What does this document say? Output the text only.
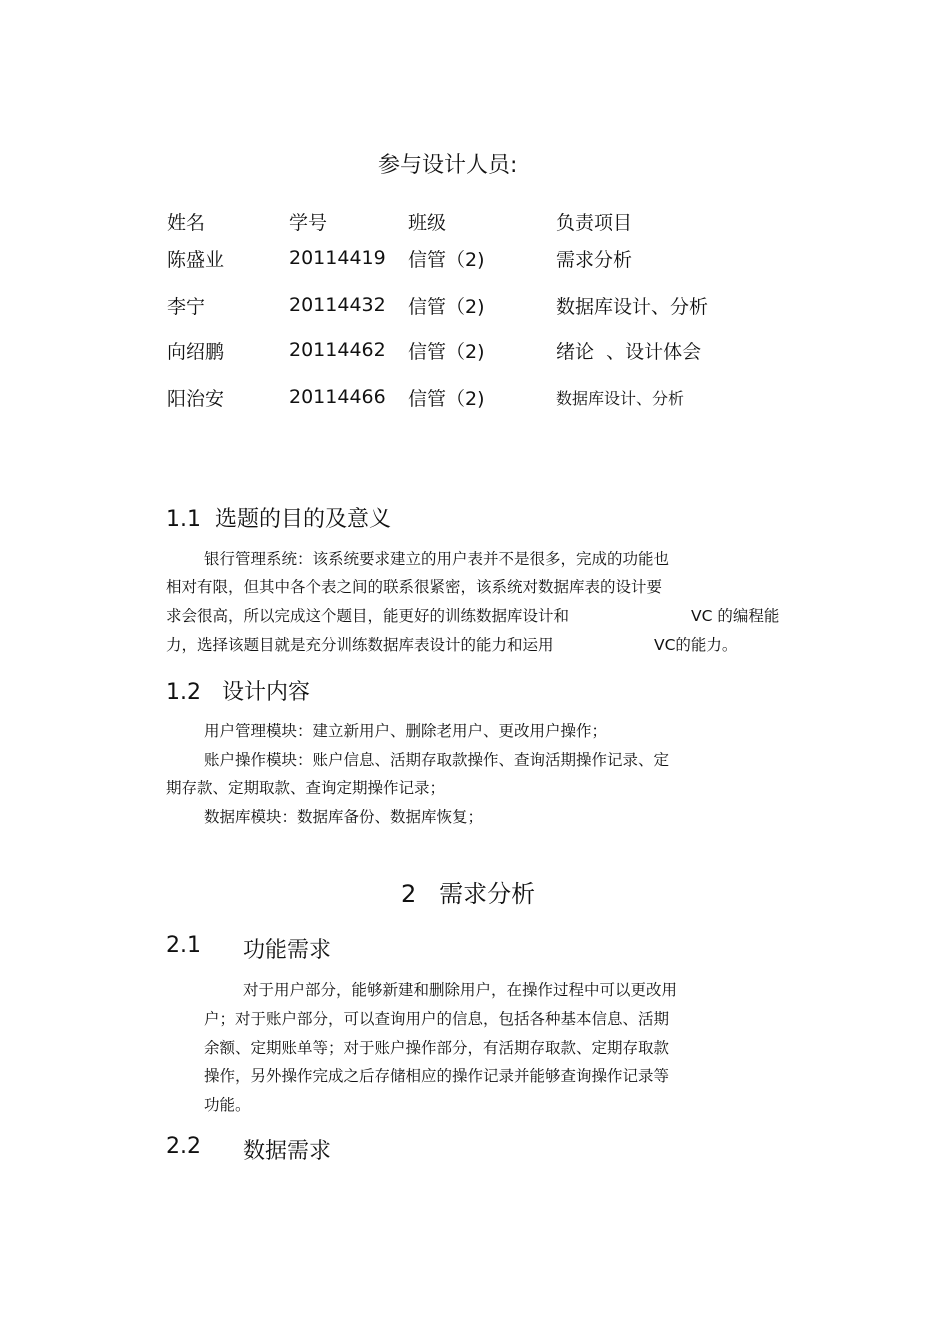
参与设计人员:
姓名	学号	班级	负责项目
陈盛业	20114419 信管（2)	需求分析
李宁	20114432 信管（2)	数据库设计、分析
向绍鹏	20114462 信管（2)	绪论  、设计体会
阳治安	20114466 信管（2)	数据库设计、分析
1.1  选题的目的及意义
银行管理系统：该系统要求建立的用户表并不是很多，完成的功能也
相对有限，但其中各个表之间的联系很紧密，该系统对数据库表的设计要
求会很高，所以完成这个题目，能更好的训练数据库设计和	VC 的编程能
力，选择该题目就是充分训练数据库表设计的能力和运用	VC的能力。
1.2   设计内容
用户管理模块：建立新用户、删除老用户、更改用户操作；
账户操作模块：账户信息、活期存取款操作、查询活期操作记录、定
期存款、定期取款、查询定期操作记录；
数据库模块：数据库备份、数据库恢复；
2   需求分析
2.1 功能需求
对于用户部分，能够新建和删除用户，在操作过程中可以更改用
户；对于账户部分，可以查询用户的信息，包括各种基本信息、活期
余额、定期账单等；对于账户操作部分，有活期存取款、定期存取款
操作，另外操作完成之后存储相应的操作记录并能够查询操作记录等
功能。
2.2 数据需求
